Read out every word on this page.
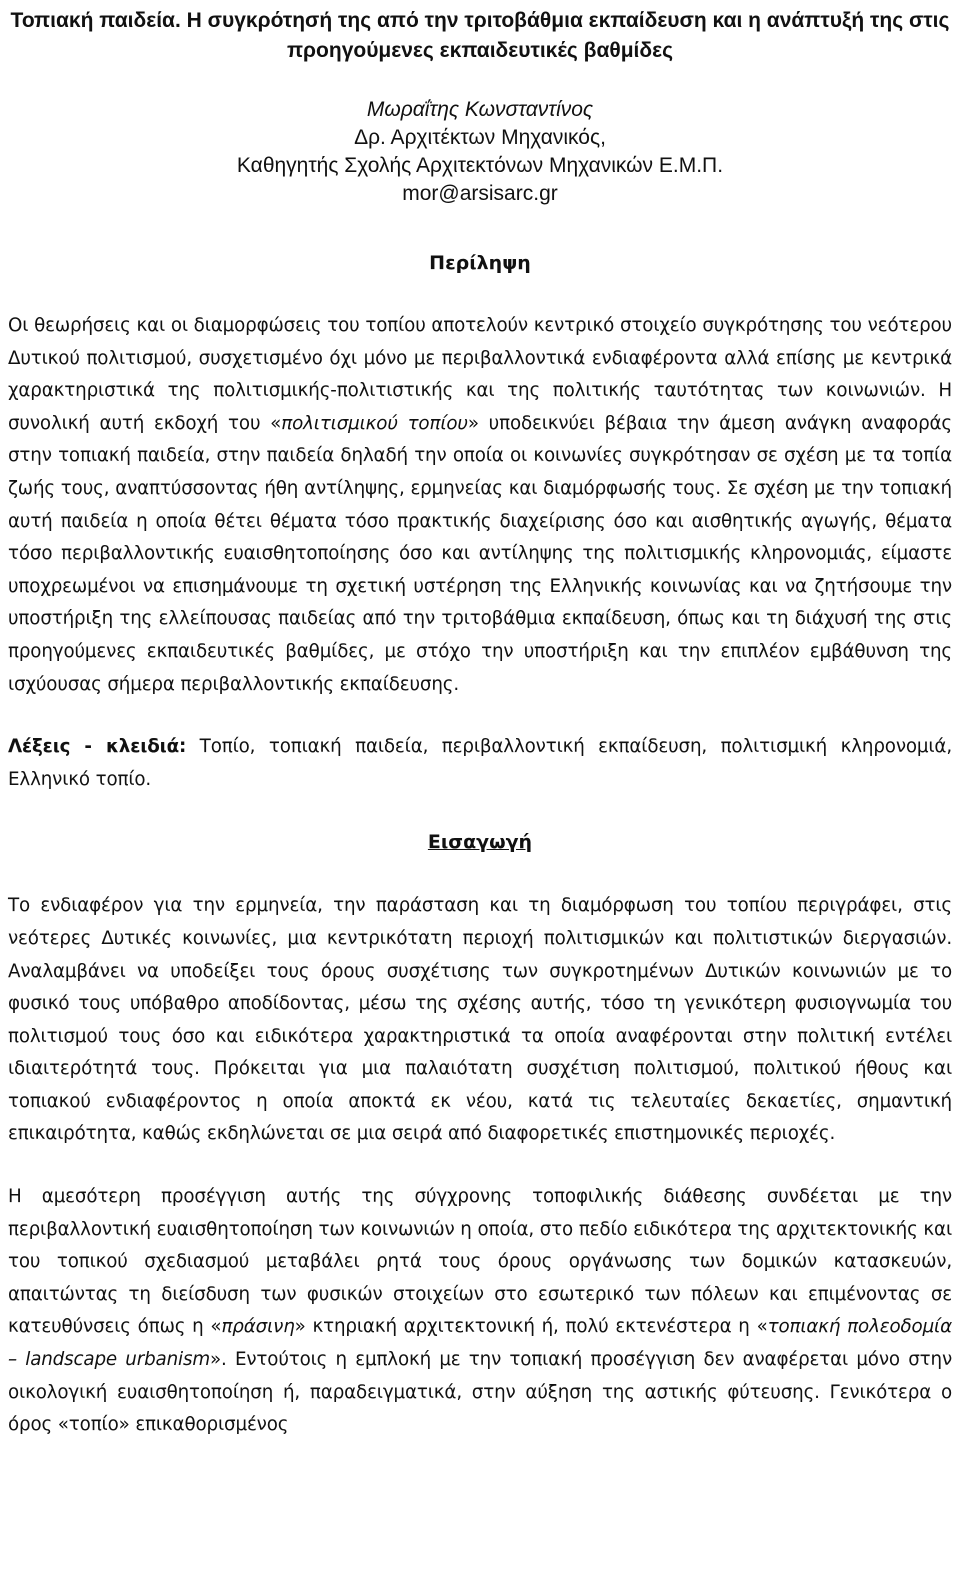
Τοπιακή παιδεία. Η συγκρότησή της από την τριτοβάθμια εκπαίδευση και η ανάπτυξή της στις προηγούμενες εκπαιδευτικές βαθμίδες
Μωραΐτης Κωνσταντίνος
Δρ. Αρχιτέκτων Μηχανικός,
Καθηγητής Σχολής Αρχιτεκτόνων Μηχανικών Ε.Μ.Π.
mor@arsisarc.gr
Περίληψη

Οι θεωρήσεις και οι διαμορφώσεις του τοπίου αποτελούν κεντρικό στοιχείο συγκρότησης του νεότερου Δυτικού πολιτισμού, συσχετισμένο όχι μόνο με περιβαλλοντικά ενδιαφέροντα αλλά επίσης με κεντρικά χαρακτηριστικά της πολιτισμικής-πολιτιστικής και της πολιτικής ταυτότητας των κοινωνιών. Η συνολική αυτή εκδοχή του «πολιτισμικού τοπίου» υποδεικνύει βέβαια την άμεση ανάγκη αναφοράς στην τοπιακή παιδεία, στην παιδεία δηλαδή την οποία οι κοινωνίες συγκρότησαν σε σχέση με τα τοπία ζωής τους, αναπτύσσοντας ήθη αντίληψης, ερμηνείας και διαμόρφωσής τους. Σε σχέση με την τοπιακή αυτή παιδεία η οποία θέτει θέματα τόσο πρακτικής διαχείρισης όσο και αισθητικής αγωγής, θέματα τόσο περιβαλλοντικής ευαισθητοποίησης όσο και αντίληψης της πολιτισμικής κληρονομιάς, είμαστε υποχρεωμένοι να επισημάνουμε τη σχετική υστέρηση της Ελληνικής κοινωνίας και να ζητήσουμε την υποστήριξη της ελλείπουσας παιδείας από την τριτοβάθμια εκπαίδευση, όπως και τη διάχυσή της στις προηγούμενες εκπαιδευτικές βαθμίδες, με στόχο την υποστήριξη και την επιπλέον εμβάθυνση της ισχύουσας σήμερα περιβαλλοντικής εκπαίδευσης.

Λέξεις - κλειδιά: Τοπίο, τοπιακή παιδεία, περιβαλλοντική εκπαίδευση, πολιτισμική κληρονομιά, Ελληνικό τοπίο.

Εισαγωγή

Το ενδιαφέρον για την ερμηνεία, την παράσταση και τη διαμόρφωση του τοπίου περιγράφει, στις νεότερες Δυτικές κοινωνίες, μια κεντρικότατη περιοχή πολιτισμικών και πολιτιστικών διεργασιών. Αναλαμβάνει να υποδείξει τους όρους συσχέτισης των συγκροτημένων Δυτικών κοινωνιών με το φυσικό τους υπόβαθρο αποδίδοντας, μέσω της σχέσης αυτής, τόσο τη γενικότερη φυσιογνωμία του πολιτισμού τους όσο και ειδικότερα χαρακτηριστικά τα οποία αναφέρονται στην πολιτική εντέλει ιδιαιτερότητά τους. Πρόκειται για μια παλαιότατη συσχέτιση πολιτισμού, πολιτικού ήθους και τοπιακού ενδιαφέροντος η οποία αποκτά εκ νέου, κατά τις τελευταίες δεκαετίες, σημαντική επικαιρότητα, καθώς εκδηλώνεται σε μια σειρά από διαφορετικές επιστημονικές περιοχές.

Η αμεσότερη προσέγγιση αυτής της σύγχρονης τοποφιλικής διάθεσης συνδέεται με την περιβαλλοντική ευαισθητοποίηση των κοινωνιών η οποία, στο πεδίο ειδικότερα της αρχιτεκτονικής και του τοπικού σχεδιασμού μεταβάλει ρητά τους όρους οργάνωσης των δομικών κατασκευών, απαιτώντας τη διείσδυση των φυσικών στοιχείων στο εσωτερικό των πόλεων και επιμένοντας σε κατευθύνσεις όπως η «πράσινη» κτηριακή αρχιτεκτονική ή, πολύ εκτενέστερα η «τοπιακή πολεοδομία – landscape urbanism». Εντούτοις η εμπλοκή με την τοπιακή προσέγγιση δεν αναφέρεται μόνο στην οικολογική ευαισθητοποίηση ή, παραδειγματικά, στην αύξηση της αστικής φύτευσης. Γενικότερα ο όρος «τοπίο» επικαθορισμένος
